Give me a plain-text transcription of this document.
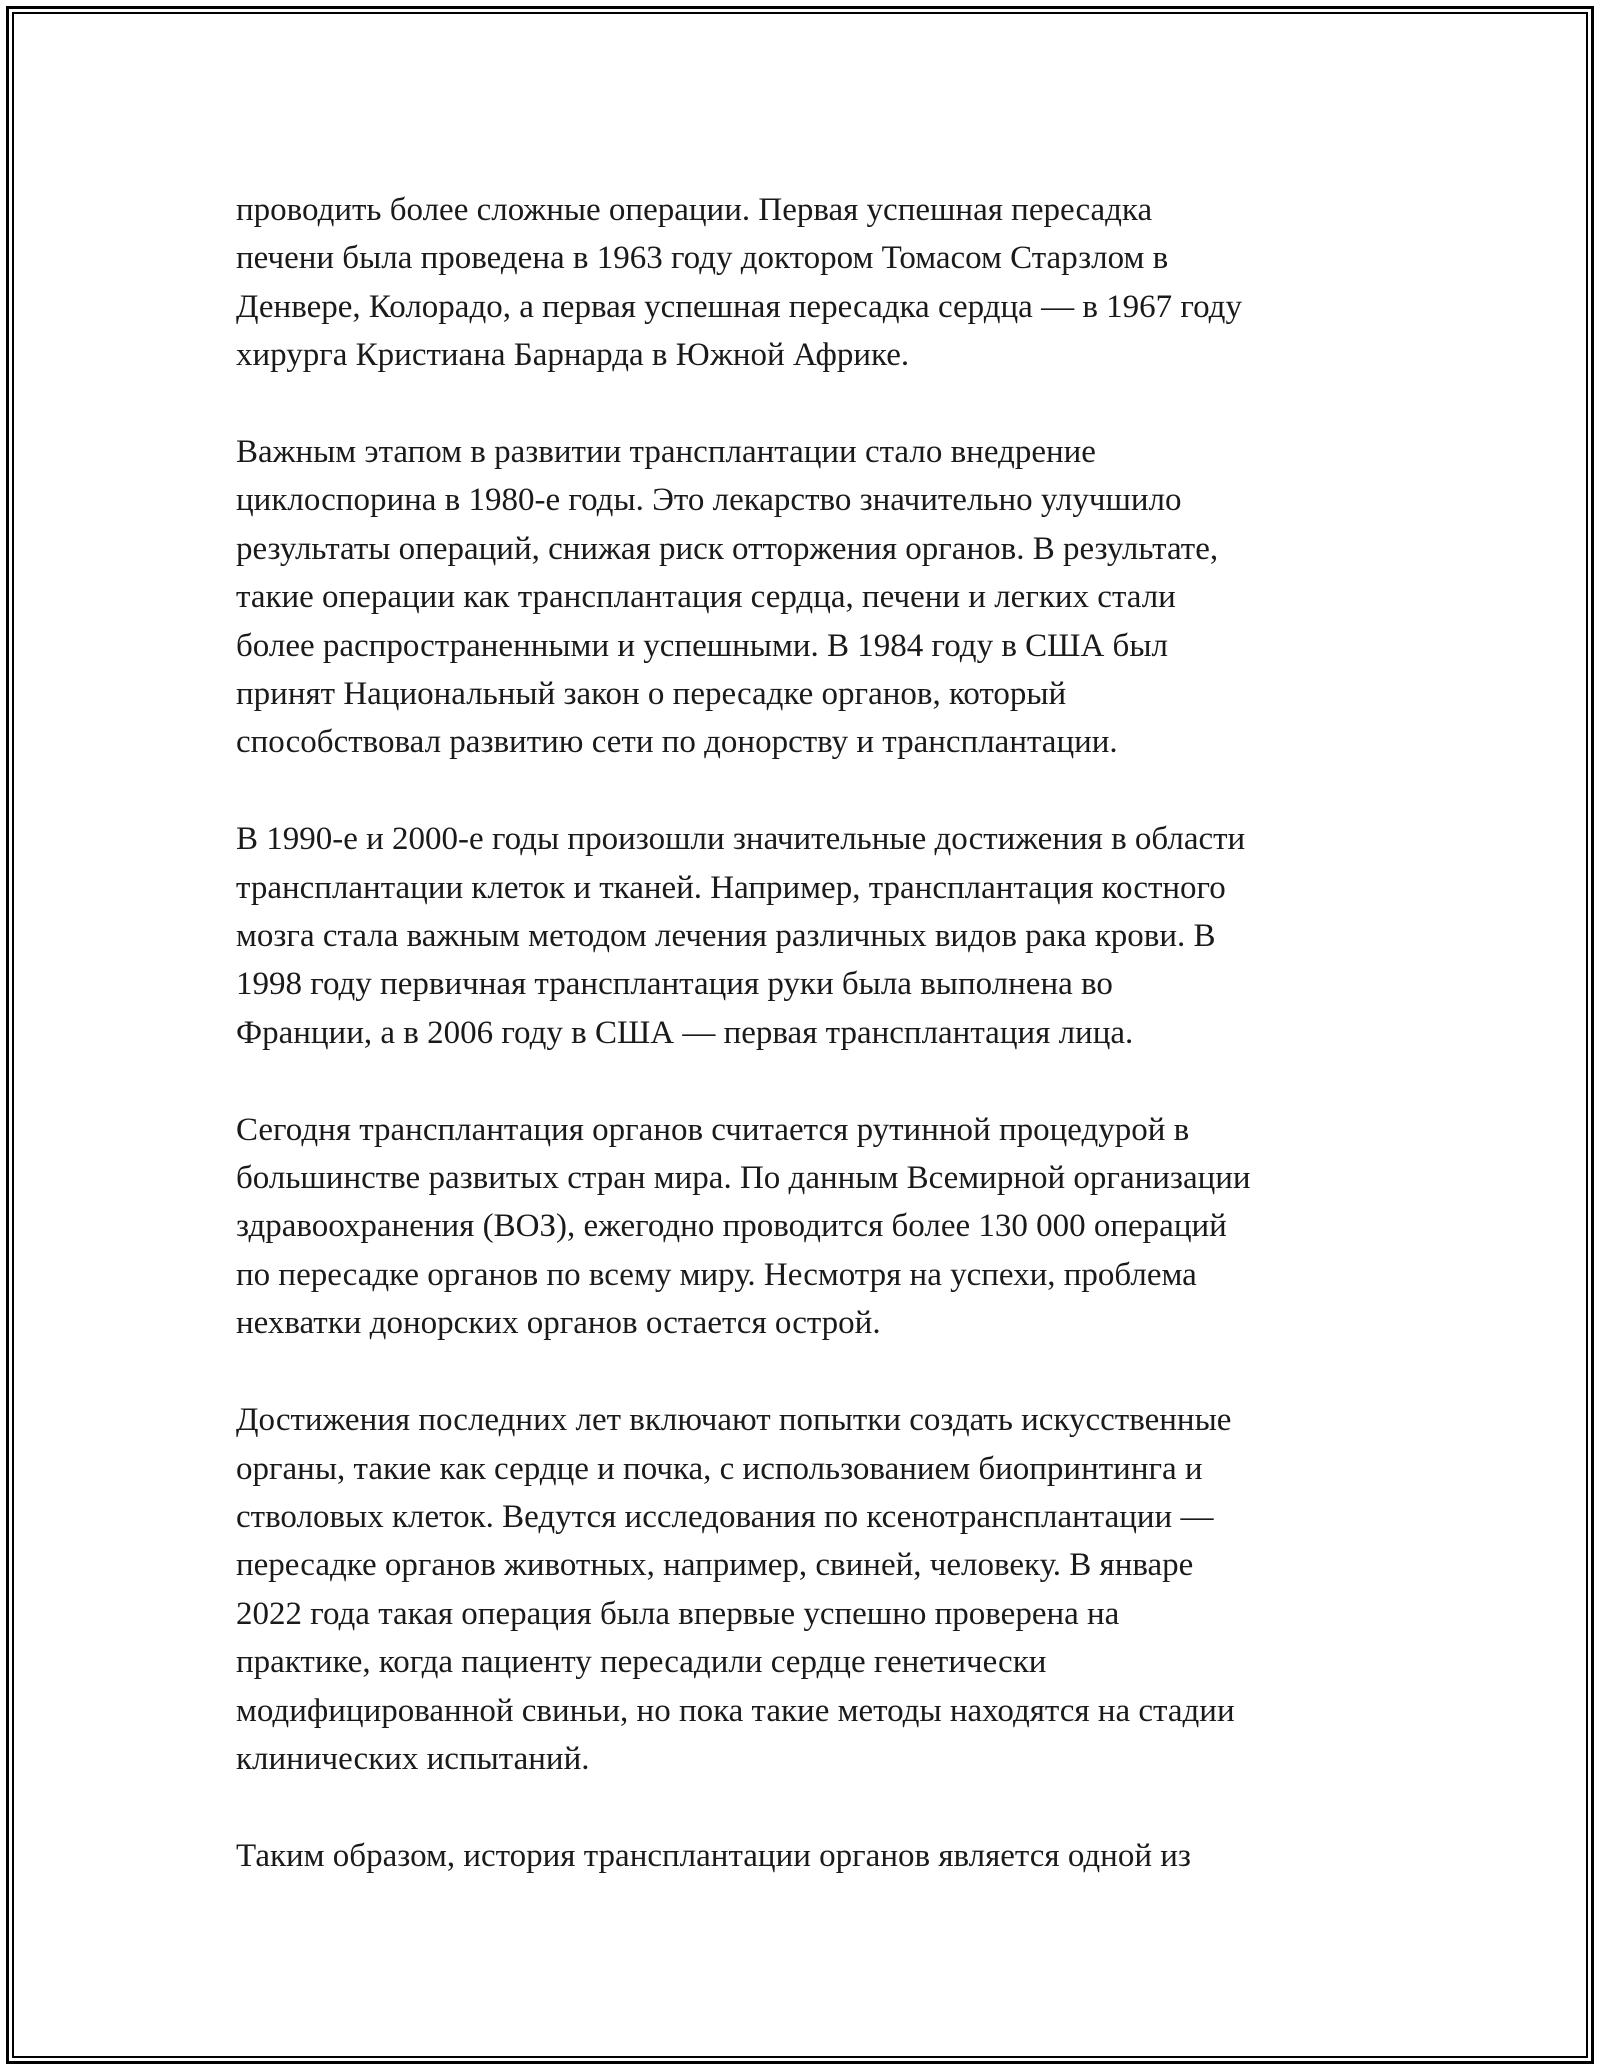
проводить более сложные операции. Первая успешная пересадка
печени была проведена в 1963 году доктором Томасом Старзлом в
Денвере, Колорадо, а первая успешная пересадка сердца — в 1967 году
хирурга Кристиана Барнарда в Южной Африке.

Важным этапом в развитии трансплантации стало внедрение
циклоспорина в 1980-е годы. Это лекарство значительно улучшило
результаты операций, снижая риск отторжения органов. В результате,
такие операции как трансплантация сердца, печени и легких стали
более распространенными и успешными. В 1984 году в США был
принят Национальный закон о пересадке органов, который
способствовал развитию сети по донорству и трансплантации.

В 1990-е и 2000-е годы произошли значительные достижения в области
трансплантации клеток и тканей. Например, трансплантация костного
мозга стала важным методом лечения различных видов рака крови. В
1998 году первичная трансплантация руки была выполнена во
Франции, а в 2006 году в США — первая трансплантация лица.

Сегодня трансплантация органов считается рутинной процедурой в
большинстве развитых стран мира. По данным Всемирной организации
здравоохранения (ВОЗ), ежегодно проводится более 130 000 операций
по пересадке органов по всему миру. Несмотря на успехи, проблема
нехватки донорских органов остается острой.

Достижения последних лет включают попытки создать искусственные
органы, такие как сердце и почка, с использованием биопринтинга и
стволовых клеток. Ведутся исследования по ксенотрансплантации —
пересадке органов животных, например, свиней, человеку. В январе
2022 года такая операция была впервые успешно проверена на
практике, когда пациенту пересадили сердце генетически
модифицированной свиньи, но пока такие методы находятся на стадии
клинических испытаний.

Таким образом, история трансплантации органов является одной из
